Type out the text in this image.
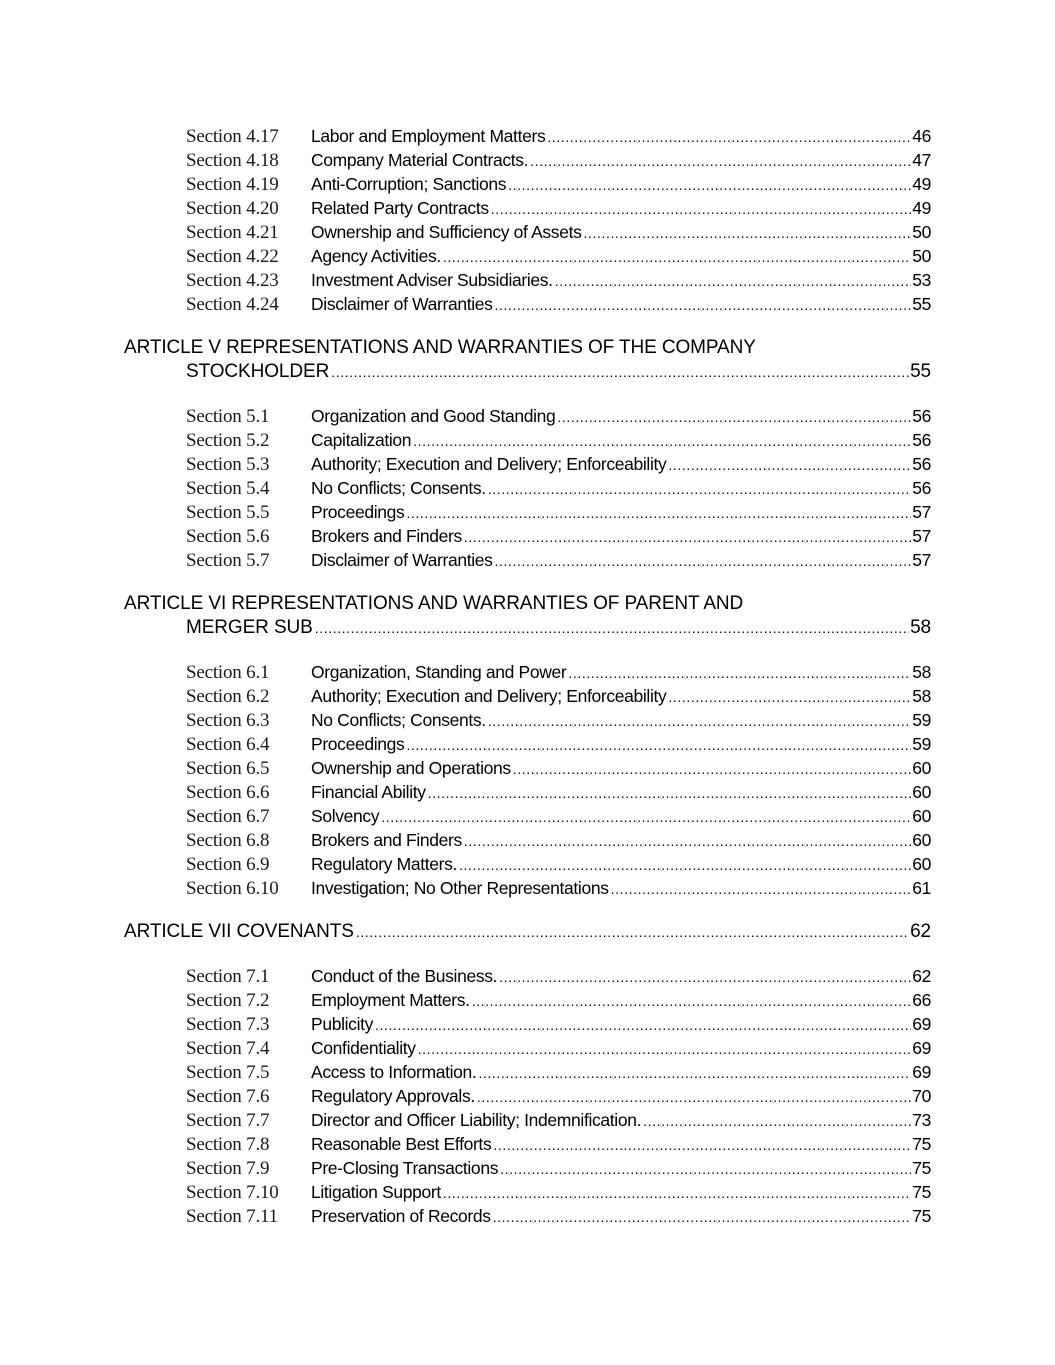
Section 4.17	Labor and Employment Matters .....	46
Section 4.18	Company Material Contracts. .....	47
Section 4.19	Anti-Corruption; Sanctions .....	49
Section 4.20	Related Party Contracts .....	49
Section 4.21	Ownership and Sufficiency of Assets .....	50
Section 4.22	Agency Activities. .....	50
Section 4.23	Investment Adviser Subsidiaries. .....	53
Section 4.24	Disclaimer of Warranties .....	55
ARTICLE V REPRESENTATIONS AND WARRANTIES OF THE COMPANY
STOCKHOLDER .....	55
Section 5.1	Organization and Good Standing .....	56
Section 5.2	Capitalization .....	56
Section 5.3	Authority; Execution and Delivery; Enforceability .....	56
Section 5.4	No Conflicts; Consents. .....	56
Section 5.5	Proceedings .....	57
Section 5.6	Brokers and Finders .....	57
Section 5.7	Disclaimer of Warranties .....	57
ARTICLE VI REPRESENTATIONS AND WARRANTIES OF PARENT AND
MERGER SUB .....	58
Section 6.1	Organization, Standing and Power .....	58
Section 6.2	Authority; Execution and Delivery; Enforceability .....	58
Section 6.3	No Conflicts; Consents. .....	59
Section 6.4	Proceedings .....	59
Section 6.5	Ownership and Operations .....	60
Section 6.6	Financial Ability .....	60
Section 6.7	Solvency .....	60
Section 6.8	Brokers and Finders .....	60
Section 6.9	Regulatory Matters. .....	60
Section 6.10	Investigation; No Other Representations .....	61
ARTICLE VII COVENANTS .....	62
Section 7.1	Conduct of the Business. .....	62
Section 7.2	Employment Matters. .....	66
Section 7.3	Publicity .....	69
Section 7.4	Confidentiality .....	69
Section 7.5	Access to Information. .....	69
Section 7.6	Regulatory Approvals. .....	70
Section 7.7	Director and Officer Liability; Indemnification. .....	73
Section 7.8	Reasonable Best Efforts .....	75
Section 7.9	Pre-Closing Transactions .....	75
Section 7.10	Litigation Support .....	75
Section 7.11	Preservation of Records .....	75
